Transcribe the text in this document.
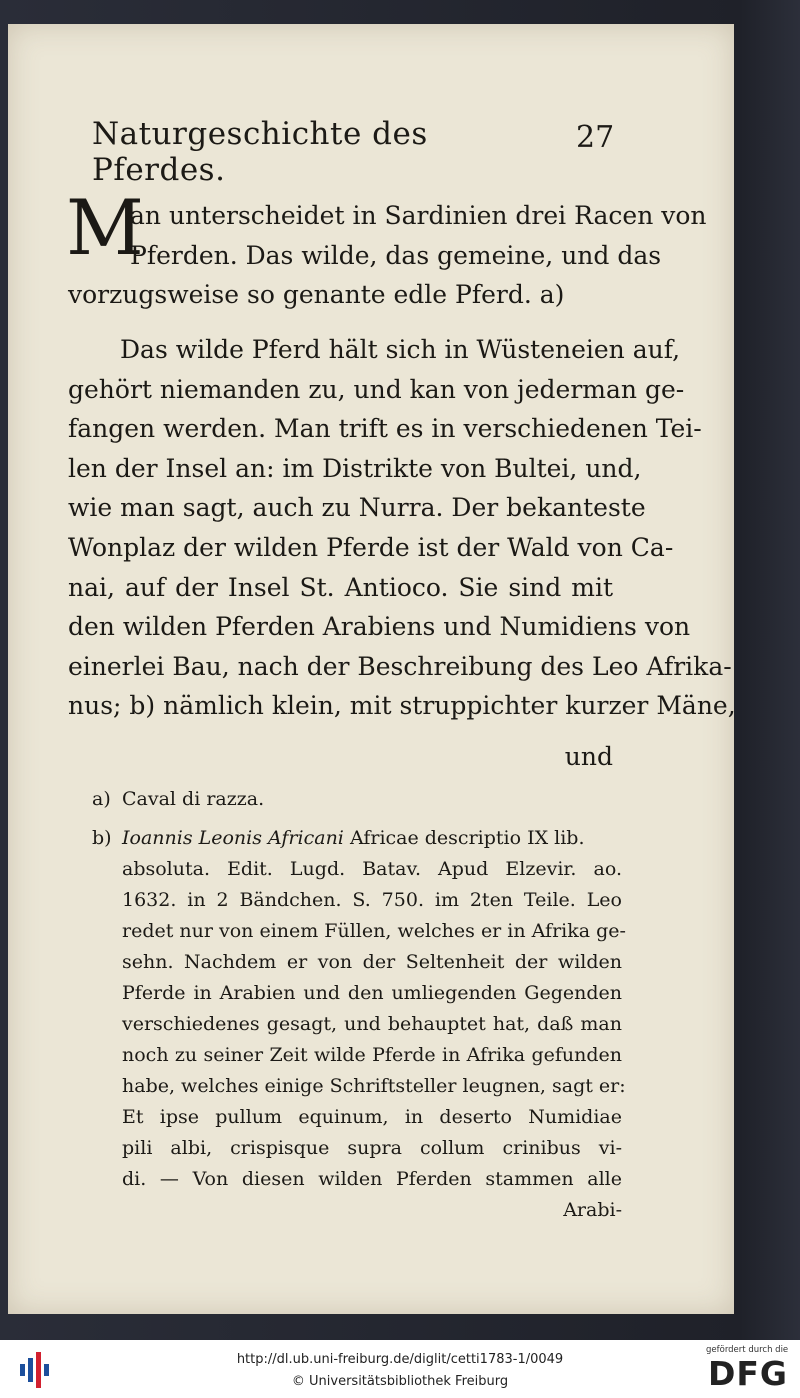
Naturgeschichte des Pferdes.
27
M
an unterscheidet in Sardinien drei Racen von
Pferden. Das wilde, das gemeine, und das
vorzugsweise so genante edle Pferd. a)
Das wilde Pferd hält sich in Wüsteneien auf,
gehört niemanden zu, und kan von jederman ge-
fangen werden. Man trift es in verschiedenen Tei-
len der Insel an: im Distrikte von Bultei, und,
wie man sagt, auch zu Nurra. Der bekanteste
Wonplaz der wilden Pferde ist der Wald von Ca-
nai, auf der Insel St. Antioco. Sie sind mit
den wilden Pferden Arabiens und Numidiens von
einerlei Bau, nach der Beschreibung des Leo Afrika-
nus; b) nämlich klein, mit struppichter kurzer Mäne,
und
a) Caval di razza.
b) Ioannis Leonis Africani Africae descriptio IX lib.
absoluta. Edit. Lugd. Batav. Apud Elzevir. ao.
1632. in 2 Bändchen. S. 750. im 2ten Teile. Leo
redet nur von einem Füllen, welches er in Afrika ge-
sehn. Nachdem er von der Seltenheit der wilden
Pferde in Arabien und den umliegenden Gegenden
verschiedenes gesagt, und behauptet hat, daß man
noch zu seiner Zeit wilde Pferde in Afrika gefunden
habe, welches einige Schriftsteller leugnen, sagt er:
Et ipse pullum equinum, in deserto Numidiae
pili albi, crispisque supra collum crinibus vi-
di. — Von diesen wilden Pferden stammen alle
Arabi-
http://dl.ub.uni-freiburg.de/diglit/cetti1783-1/0049
© Universitätsbibliothek Freiburg
gefördert durch die
DFG
